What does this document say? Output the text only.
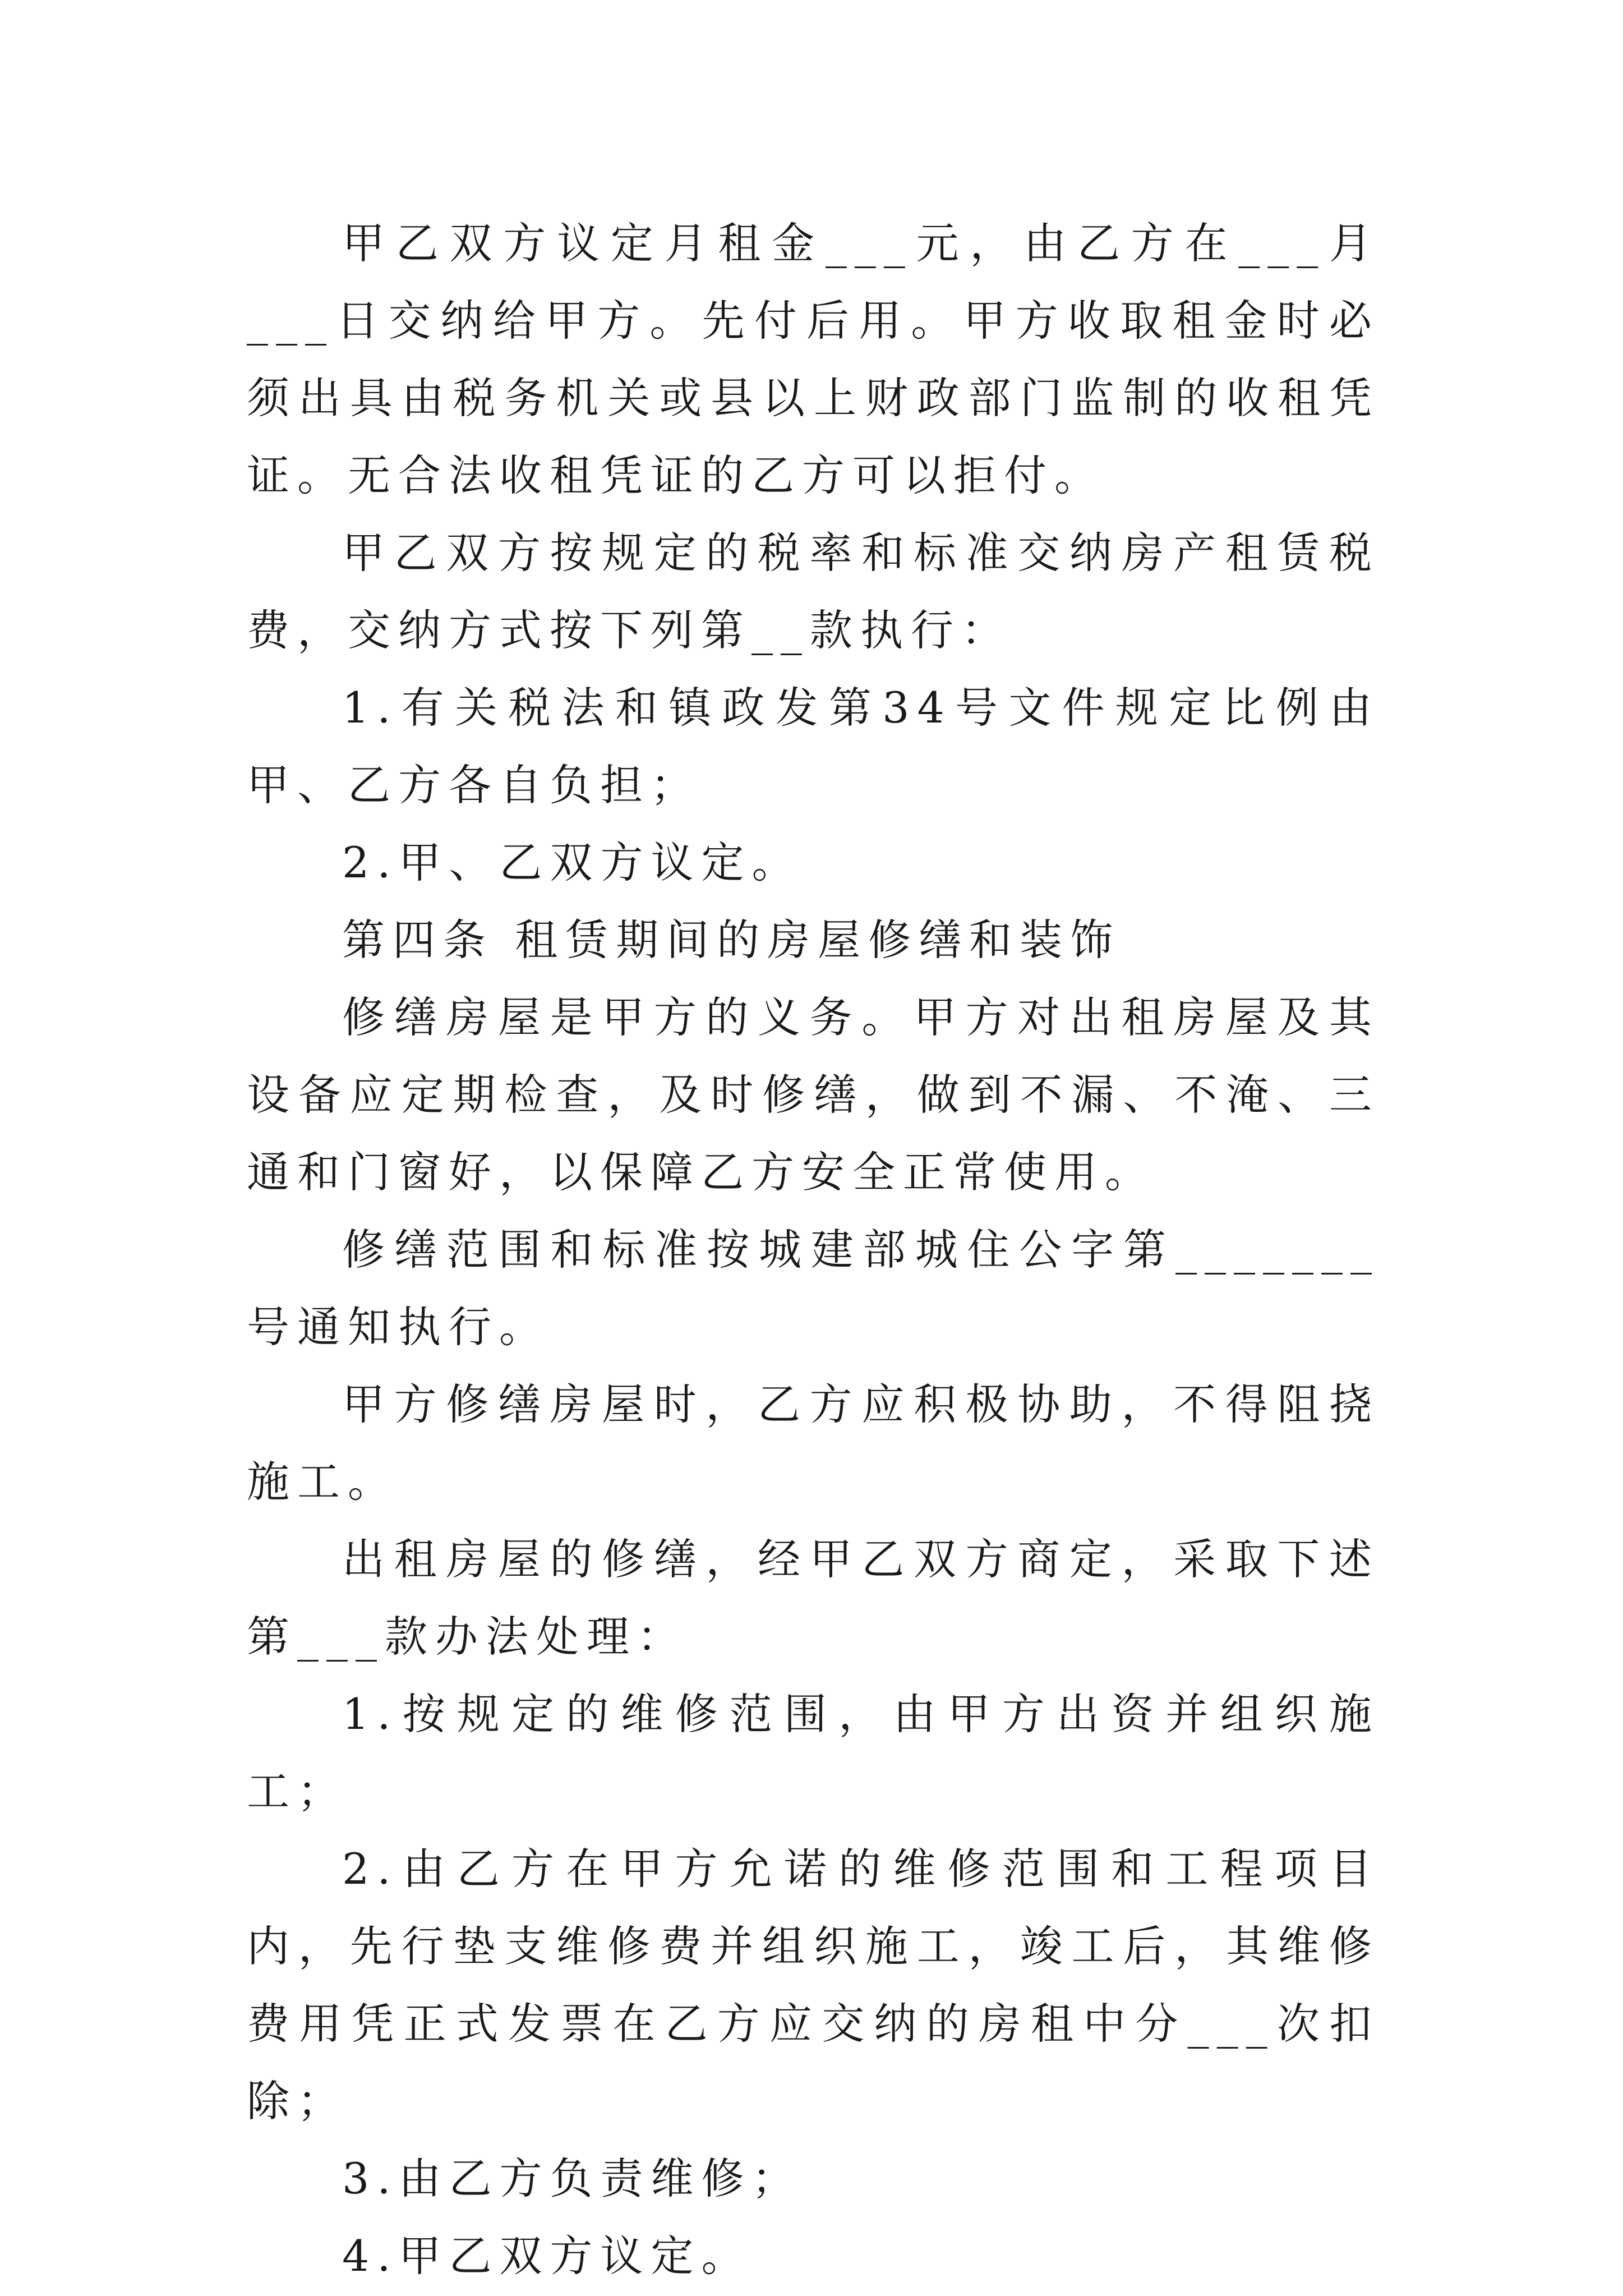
甲乙双方议定月租金___元，由乙方在___月___日交纳给甲方。先付后用。甲方收取租金时必须出具由税务机关或县以上财政部门监制的收租凭证。无合法收租凭证的乙方可以拒付。

甲乙双方按规定的税率和标准交纳房产租赁税费，交纳方式按下列第__款执行：

1.有关税法和镇政发第34号文件规定比例由甲、乙方各自负担；

2.甲、乙双方议定。

第四条 租赁期间的房屋修缮和装饰

修缮房屋是甲方的义务。甲方对出租房屋及其设备应定期检查，及时修缮，做到不漏、不淹、三通和门窗好，以保障乙方安全正常使用。

修缮范围和标准按城建部城住公字第_______号通知执行。

甲方修缮房屋时，乙方应积极协助，不得阻挠施工。

出租房屋的修缮，经甲乙双方商定，采取下述第___款办法处理：

1.按规定的维修范围，由甲方出资并组织施工；

2.由乙方在甲方允诺的维修范围和工程项目内，先行垫支维修费并组织施工，竣工后，其维修费用凭正式发票在乙方应交纳的房租中分___次扣除；

3.由乙方负责维修；

4.甲乙双方议定。
